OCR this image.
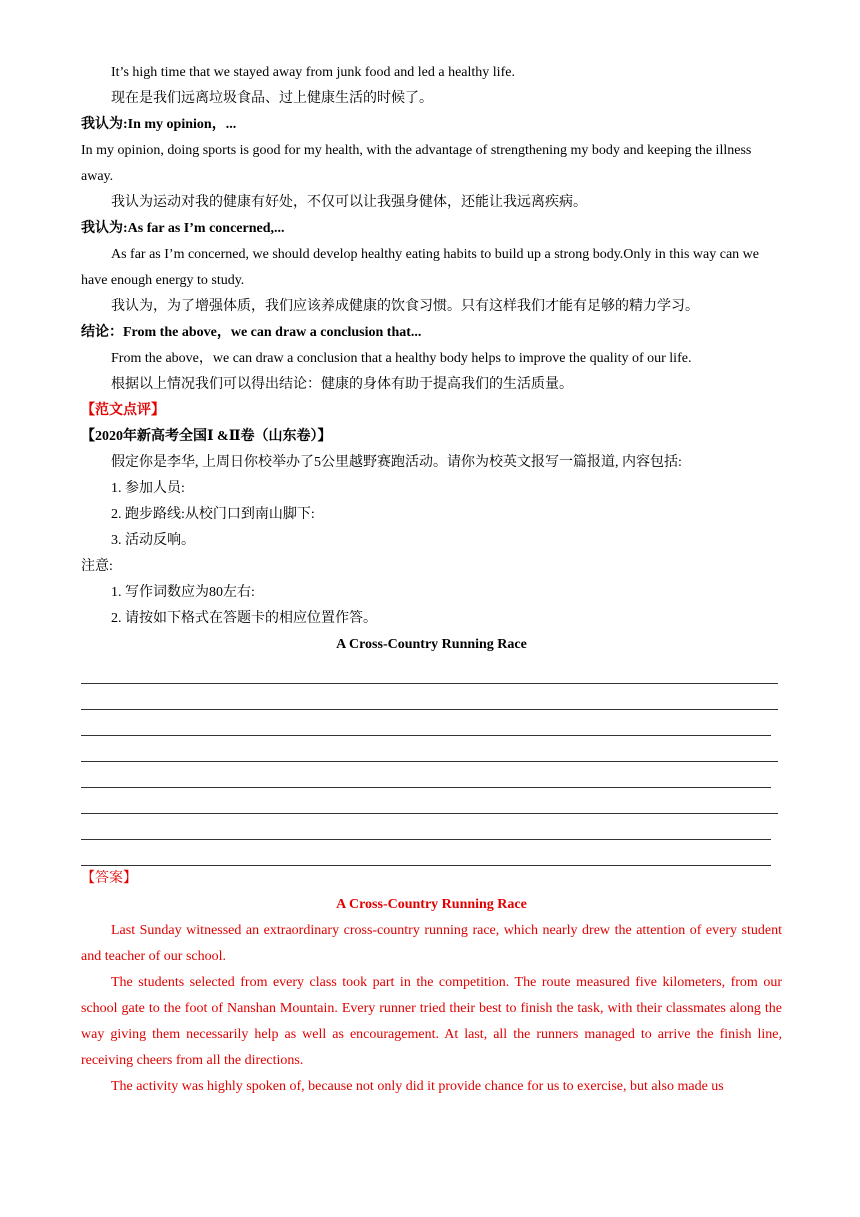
It’s high time that we stayed away from junk food and led a healthy life.

现在是我们远离垃圾食品、过上健康生活的时候了。

我认为:In my opinion，...

In my opinion, doing sports is good for my health, with the advantage of strengthening my body and keeping the illness away.

我认为运动对我的健康有好处，不仅可以让我强身健体，还能让我远离疾病。

我认为:As far as I’m concerned,...

As far as I’m concerned, we should develop healthy eating habits to build up a strong body.Only in this way can we have enough energy to study.

我认为，为了增强体质，我们应该养成健康的饮食习惯。只有这样我们才能有足够的精力学习。

结论：From the above，we can draw a conclusion that...

From the above，we can draw a conclusion that a healthy body helps to improve the quality of our life.

根据以上情况我们可以得出结论：健康的身体有助于提高我们的生活质量。

【范文点评】

【2020年新高考全国Ⅰ &Ⅱ卷（山东卷）】

假定你是李华, 上周日你校举办了5公里越野赛跑活动。请你为校英文报写一篇报道, 内容包括:

1. 参加人员:

2. 跑步路线:从校门口到南山脚下:

3. 活动反响。

注意:

1. 写作词数应为80左右:

2. 请按如下格式在答题卡的相应位置作答。

A Cross-Country Running Race

【答案】

A Cross-Country Running Race

Last Sunday witnessed an extraordinary cross-country running race, which nearly drew the attention of every student and teacher of our school.

The students selected from every class took part in the competition. The route measured five kilometers, from our school gate to the foot of Nanshan Mountain. Every runner tried their best to finish the task, with their classmates along the way giving them necessarily help as well as encouragement. At last, all the runners managed to arrive the finish line, receiving cheers from all the directions.

The activity was highly spoken of, because not only did it provide chance for us to exercise, but also made us
